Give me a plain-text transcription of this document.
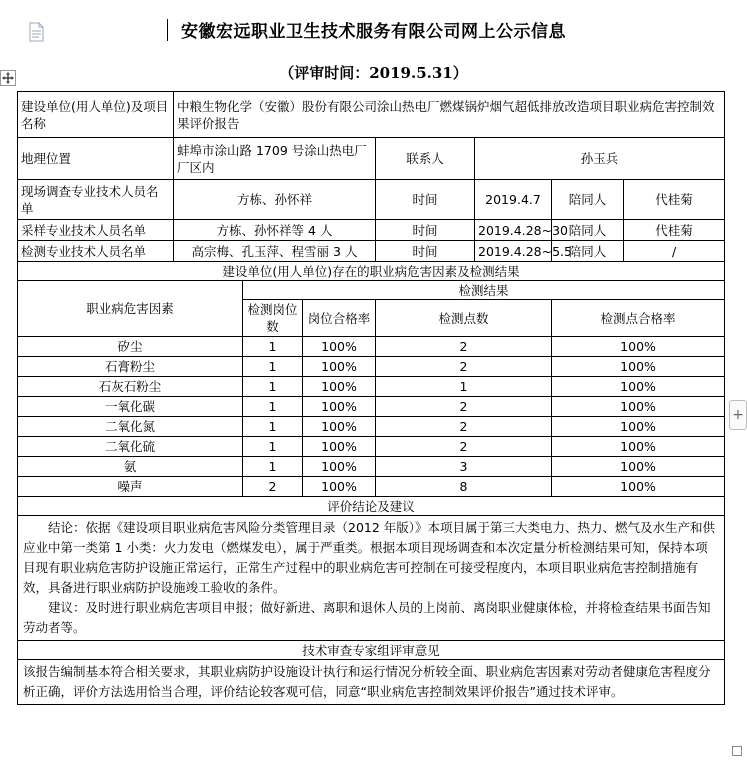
+
安徽宏远职业卫生技术服务有限公司网上公示信息
（评审时间：2019.5.31）
建设单位(用人单位)及项目名称	中粮生物化学（安徽）股份有限公司涂山热电厂燃煤锅炉烟气超低排放改造项目职业病危害控制效果评价报告						
地理位置	蚌埠市涂山路 1709 号涂山热电厂厂区内			联系人	孙玉兵		
现场调查专业技术人员名单	方栋、孙怀祥			时间	2019.4.7	陪同人	代桂菊
采样专业技术人员名单	方栋、孙怀祥等 4 人			时间	2019.4.28~30	陪同人	代桂菊
检测专业技术人员名单	高宗梅、孔玉萍、程雪丽 3 人			时间	2019.4.28~5.5	陪同人	/
建设单位(用人单位)存在的职业病危害因素及检测结果							
职业病危害因素		检测结果					
		检测岗位数	岗位合格率	检测点数		检测点合格率	
矽尘		1	100%	2		100%	
石膏粉尘		1	100%	2		100%	
石灰石粉尘		1	100%	1		100%	
一氧化碳		1	100%	2		100%	
二氧化氮		1	100%	2		100%	
二氧化硫		1	100%	2		100%	
氨		1	100%	3		100%	
噪声		2	100%	8		100%	
评价结论及建议							

结论：依据《建设项目职业病危害风险分类管理目录（2012 年版）》本项目属于第三大类电力、热力、燃气及水生产和供应业中第一类第 1 小类：火力发电（燃煤发电），属于严重类。根据本项目现场调查和本次定量分析检测结果可知，保持本项目现有职业病危害防护设施正常运行，正常生产过程中的职业病危害可控制在可接受程度内，本项目职业病危害控制措施有效，具备进行职业病防护设施竣工验收的条件。
建议：及时进行职业病危害项目申报；做好新进、离职和退休人员的上岗前、离岗职业健康体检，并将检查结果书面告知劳动者等。							

技术审查专家组评审意见							
该报告编制基本符合相关要求，其职业病防护设施设计执行和运行情况分析较全面、职业病危害因素对劳动者健康危害程度分析正确，评价方法选用恰当合理，评价结论较客观可信，同意“职业病危害控制效果评价报告”通过技术评审。							
